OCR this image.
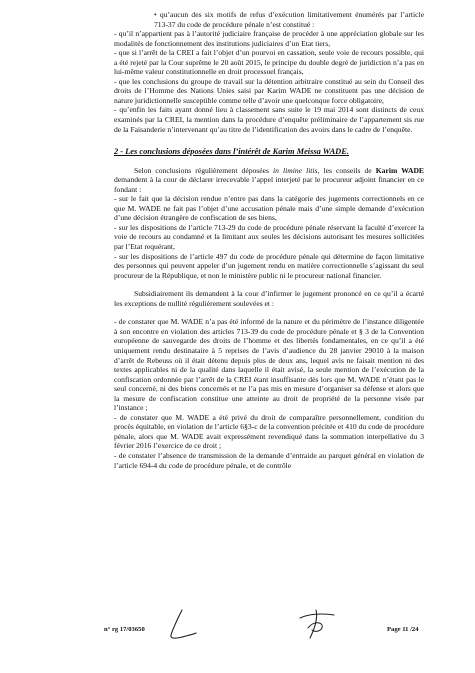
• qu’aucun des six motifs de refus d’exécution limitativement énumérés par l’article 713-37 du code de procédure pénale n’est constitué :

- qu’il n’appartient pas à l’autorité judiciaire française de procéder à une appréciation globale sur les modalités de fonctionnement des institutions judiciaires d’un Etat tiers,

- que si l’arrêt de la CREI a fait l’objet d’un pourvoi en cassation, seule voie de recours possible, qui a été rejeté par la Cour suprême le 20 août 2015, le principe du double degré de juridiction n’a pas en lui-même valeur constitutionnelle en droit processuel français,

- que les conclusions du groupe de travail sur la détention arbitraire constitué au sein du Conseil des droits de l’Homme des Nations Unies saisi par Karim WADE ne constituent pas une décision de nature juridictionnelle susceptible comme telle d’avoir une quelconque force obligatoire,

- qu’enfin les faits ayant donné lieu à classement sans suite le 19 mai 2014 sont distincts de ceux examinés par la CREI, la mention dans la procédure d’enquête préliminaire de l’appartement sis rue de la Faisanderie n’intervenant qu’au titre de l’identification des avoirs dans le cadre de l’enquête.

2 - Les conclusions déposées dans l’intérêt de Karim Meissa WADE.

Selon conclusions régulièrement déposées in limine litis, les conseils de Karim WADE demandent à la cour de déclarer irrecevable l’appel interjeté par le procureur adjoint financier en ce fondant :

- sur le fait que la décision rendue n’entre pas dans la catégorie des jugements correctionnels en ce que M. WADE ne fait pas l’objet d’une accusation pénale mais d’une simple demande d’exécution d’une décision étrangère de confiscation de ses biens,

- sur les dispositions de l’article 713-29 du code de procédure pénale réservant la faculté d’exercer la voie de recours au condamné et la limitant aux seules les décisions autorisant les mesures sollicitées par l’Etat requérant,

- sur les dispositions de l’article 497 du code de procédure pénale qui détermine de façon limitative des personnes qui peuvent appeler d’un jugement rendu en matière correctionnelle s’agissant du seul procureur de la République, et non le ministère public ni le procureur national financier.

Subsidiairement ils demandent à la cour d’infirmer le jugement prononcé en ce qu’il a écarté les exceptions de nullité régulièrement soulevées et :

- de constater que M. WADE n’a pas été informé de la nature et du périmètre de l’instance diligentée à son encontre en violation des articles 713-39 du code de procédure pénale et § 3 de la Convention européenne de sauvegarde des droits de l’homme et des libertés fondamentales, en ce qu’il a été uniquement rendu destinataire à 5 reprises de l’avis d’audience du 28 janvier 29010 à la maison d’arrêt de Rebeuss où il était détenu depuis plus de deux ans, lequel avis ne faisait mention ni des textes applicables ni de la qualité dans laquelle il était avisé, la seule mention de l’exécution de la confiscation ordonnée par l’arrêt de la CREI étant insuffisante dès lors que M. WADE n’étant pas le seul concerné, ni des biens concernés et ne l’a pas mis en mesure d’organiser sa défense et alors que la mesure de confiscation constitue une atteinte au droit de propriété de la personne visée par l’instance ;

- de constater que M. WADE a été privé du droit de comparaître personnellement, condition du procès équitable, en violation de l’article 6§3-c de la convention précitée et 410 du code de procédure pénale, alors que M. WADE avait expressément revendiqué dans la sommation interpellative du 3 février 2016 l’exercice de ce droit ;

- de constater l’absence de transmission de la demande d’entraide au parquet général en violation de l’article 694-4 du code de procédure pénale, et de contrôle

n° rg 17/03650	Page 11 /24
